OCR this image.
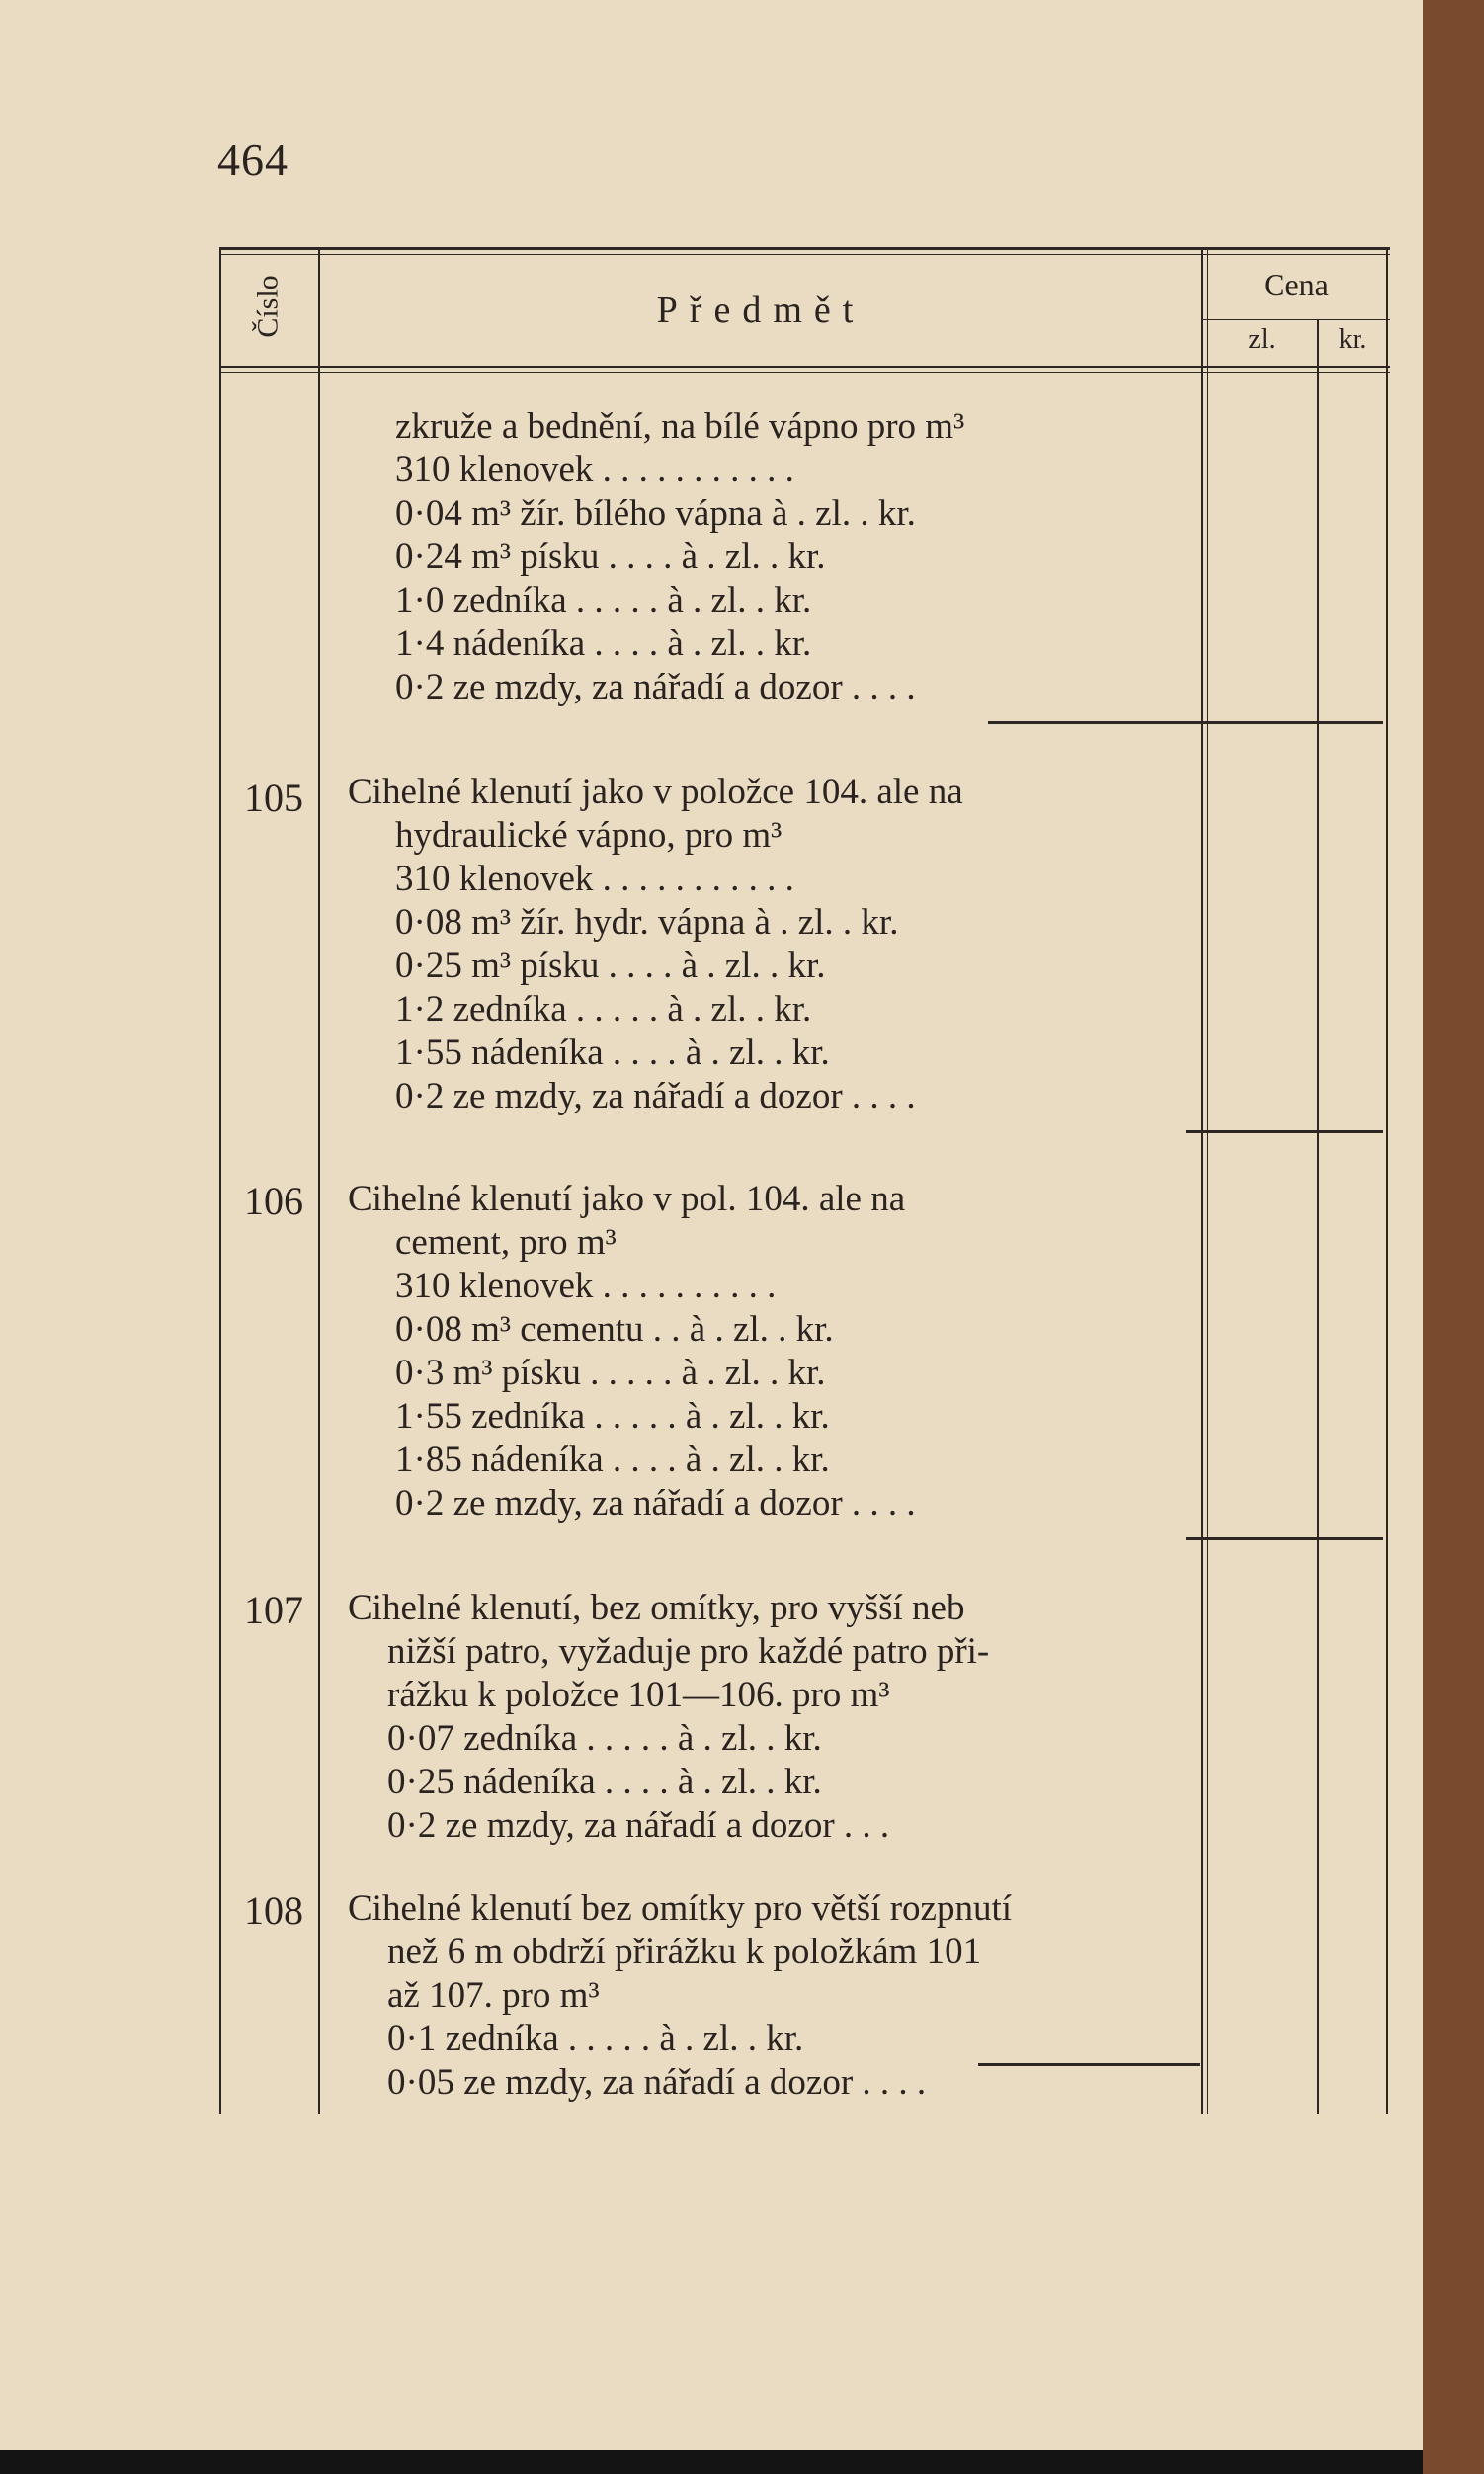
464
Číslo	Předmět
Cena
zl.	kr.
zkruže a bednění, na bílé vápno pro m³
310 klenovek . . . . . . . . . . .
0·04 m³ žír. bílého vápna à . zl. . kr.
0·24 m³ písku . . . . à . zl. . kr.
1·0 zedníka . . . . . à . zl. . kr.
1·4 nádeníka . . . . à . zl. . kr.
0·2 ze mzdy, za nářadí a dozor . . . .
105	Cihelné klenutí jako v položce 104. ale na
hydraulické vápno, pro m³
310 klenovek . . . . . . . . . . .
0·08 m³ žír. hydr. vápna à . zl. . kr.
0·25 m³ písku . . . . à . zl. . kr.
1·2 zedníka . . . . . à . zl. . kr.
1·55 nádeníka . . . . à . zl. . kr.
0·2 ze mzdy, za nářadí a dozor . . . .
106	Cihelné klenutí jako v pol. 104. ale na
cement, pro m³
310 klenovek . . . . . . . . . .
0·08 m³ cementu . . à . zl. . kr.
0·3 m³ písku . . . . . à . zl. . kr.
1·55 zedníka . . . . . à . zl. . kr.
1·85 nádeníka . . . . à . zl. . kr.
0·2 ze mzdy, za nářadí a dozor . . . .
107	Cihelné klenutí, bez omítky, pro vyšší neb
nižší patro, vyžaduje pro každé patro při-
rážku k položce 101—106. pro m³
0·07 zedníka . . . . . à . zl. . kr.
0·25 nádeníka . . . . à . zl. . kr.
0·2 ze mzdy, za nářadí a dozor . . .
108	Cihelné klenutí bez omítky pro větší rozpnutí
než 6 m obdrží přirážku k položkám 101
až 107. pro m³
0·1 zedníka . . . . . à . zl. . kr.
0·05 ze mzdy, za nářadí a dozor . . . .
